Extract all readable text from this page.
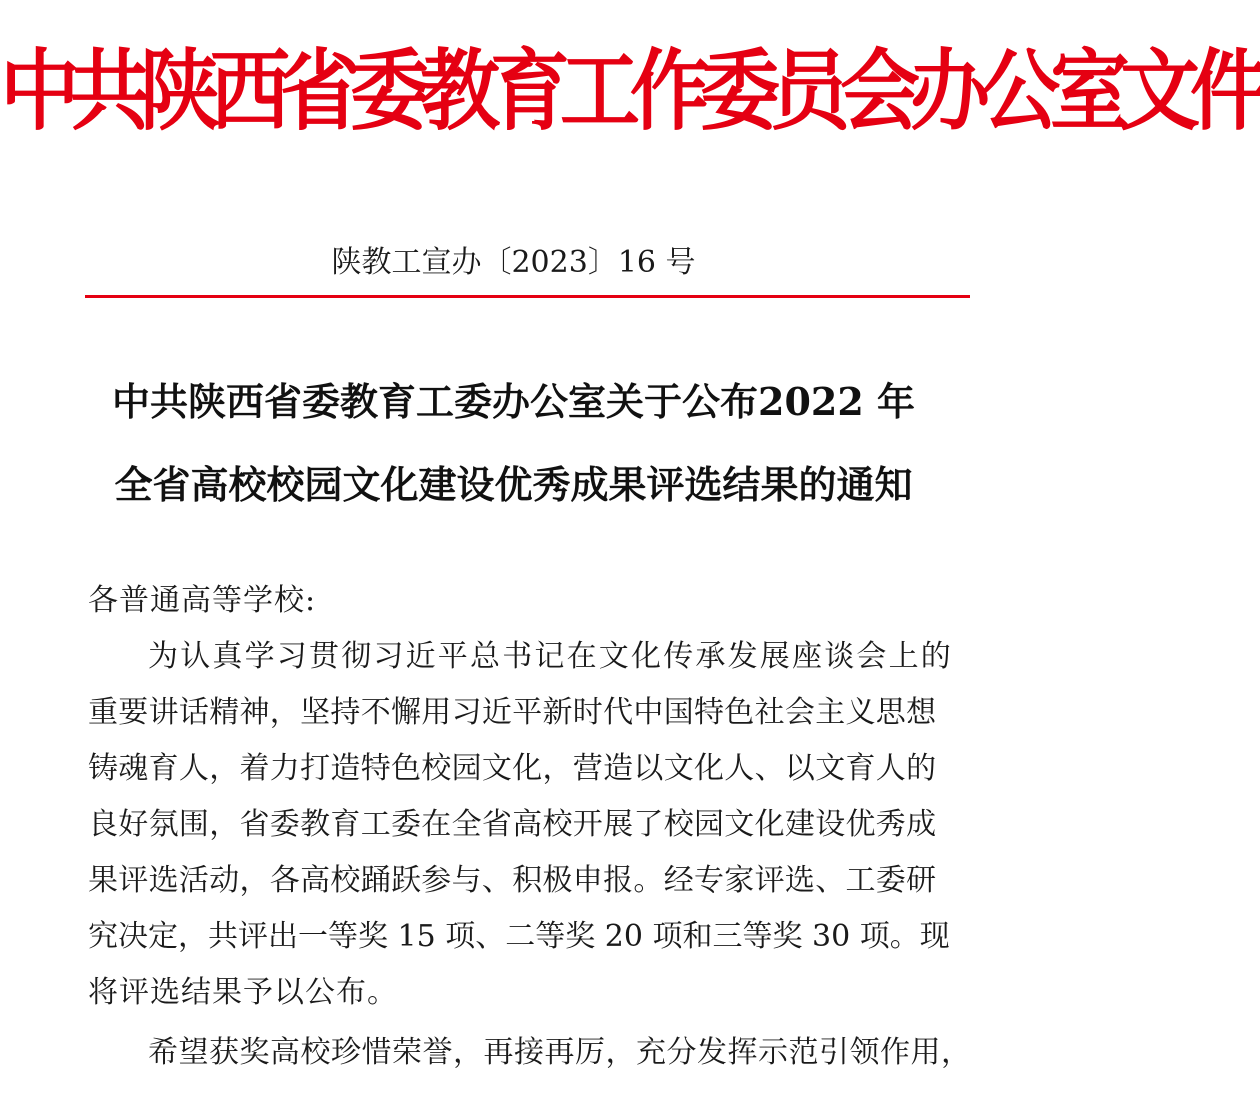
中共陕西省委教育工作委员会办公室文件
陕教工宣办〔2023〕16 号
中共陕西省委教育工委办公室关于公布2022 年
全省高校校园文化建设优秀成果评选结果的通知
各普通高等学校:
为认真学习贯彻习近平总书记在文化传承发展座谈会上的
重要讲话精神，坚持不懈用习近平新时代中国特色社会主义思想
铸魂育人，着力打造特色校园文化，营造以文化人、以文育人的
良好氛围，省委教育工委在全省高校开展了校园文化建设优秀成
果评选活动，各高校踊跃参与、积极申报。经专家评选、工委研
究决定，共评出一等奖 15 项、二等奖 20 项和三等奖 30 项。现
将评选结果予以公布。
希望获奖高校珍惜荣誉，再接再厉，充分发挥示范引领作用，
